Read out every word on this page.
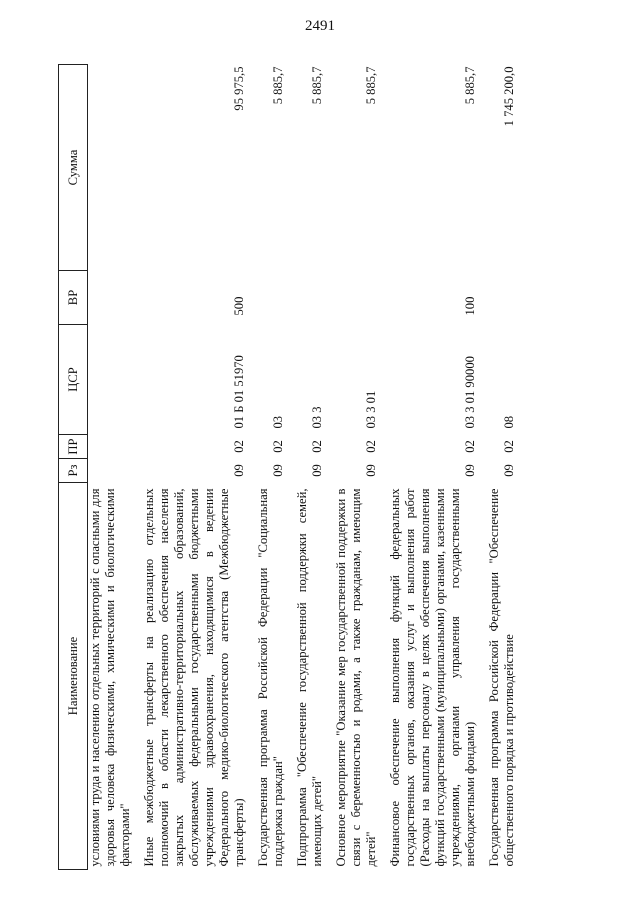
2491
Наименование	Рз	ПР	ЦСР	ВР	Сумма
условиями труда и населению отдельных территорий с опасными для здоровья человека физическими, химическими и биологическими факторами"					

Иные межбюджетные трансферты на реализацию отдельных полномочий в области лекарственного обеспечения населения закрытых административно-территориальных образований, обслуживаемых федеральными государственными бюджетными учреждениями здравоохранения, находящимися в ведении Федерального медико-биологического агентства (Межбюджетные трансферты)	09	02	01 Б 01 51970	500	95 975,5

Государственная программа Российской Федерации "Социальная поддержка граждан"	09	02	03		5 885,7

Подпрограмма "Обеспечение государственной поддержки семей, имеющих детей"	09	02	03 3		5 885,7

Основное мероприятие "Оказание мер государственной поддержки в связи с беременностью и родами, а также гражданам, имеющим детей"	09	02	03 3 01		5 885,7

Финансовое обеспечение выполнения функций федеральных государственных органов, оказания услуг и выполнения работ (Расходы на выплаты персоналу в целях обеспечения выполнения функций государственными (муниципальными) органами, казенными учреждениями, органами управления государственными внебюджетными фондами)	09	02	03 3 01 90000	100	5 885,7

Государственная программа Российской Федерации "Обеспечение общественного порядка и противодействие	09	02	08		1 745 200,0
